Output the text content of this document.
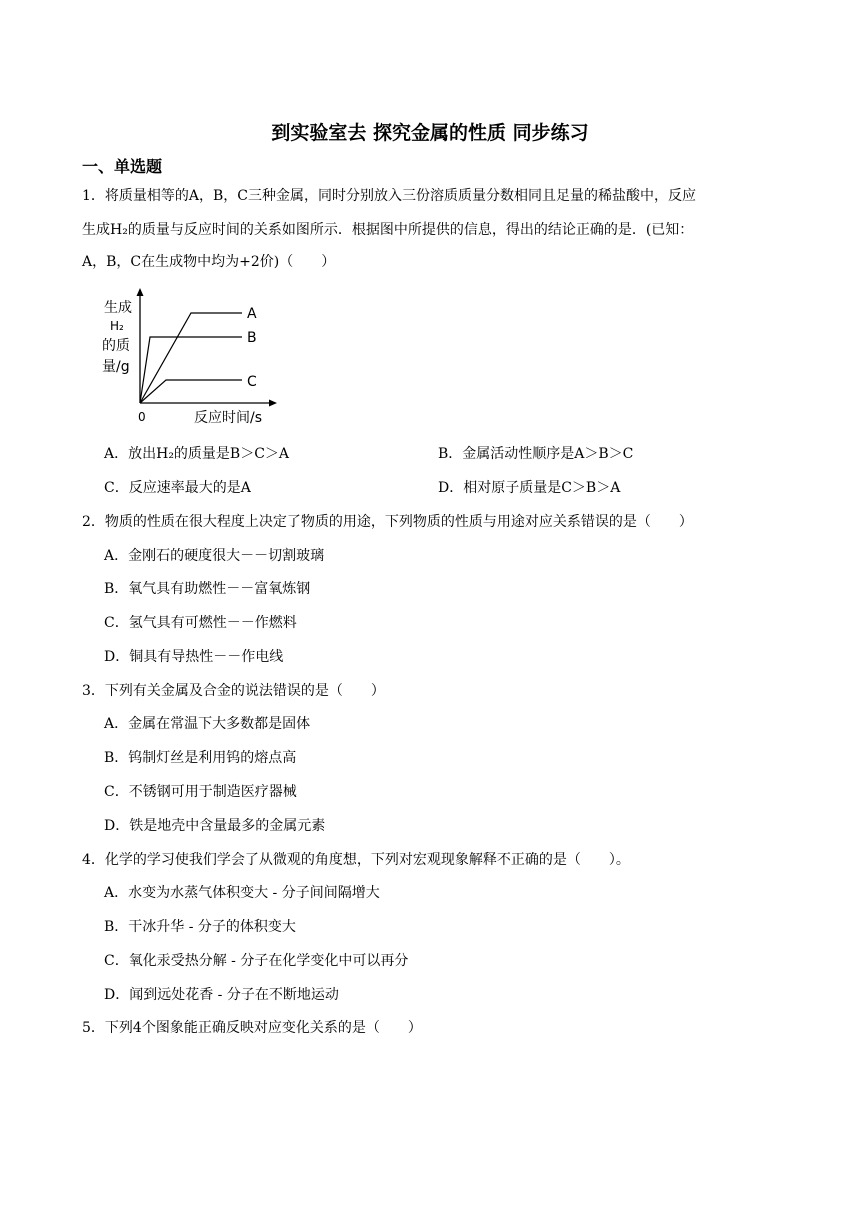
到实验室去 探究金属的性质 同步练习
一、单选题

1．将质量相等的A，B，C三种金属，同时分别放入三份溶质质量分数相同且足量的稀盐酸中，反应

生成H₂的质量与反应时间的关系如图所示．根据图中所提供的信息，得出的结论正确的是．(已知：

A，B，C在生成物中均为+2价)（　　）

生成
H₂
的质
量/g
0	反应时间/s
A
B
C

A．放出H₂的质量是B＞C＞A	B．金属活动性顺序是A＞B＞C

C．反应速率最大的是A	D．相对原子质量是C＞B＞A

2．物质的性质在很大程度上决定了物质的用途，下列物质的性质与用途对应关系错误的是（　　）

A．金刚石的硬度很大－－切割玻璃

B．氧气具有助燃性－－富氧炼钢

C．氢气具有可燃性－－作燃料

D．铜具有导热性－－作电线

3．下列有关金属及合金的说法错误的是（　　）

A．金属在常温下大多数都是固体

B．钨制灯丝是利用钨的熔点高

C．不锈钢可用于制造医疗器械

D．铁是地壳中含量最多的金属元素

4．化学的学习使我们学会了从微观的角度想，下列对宏观现象解释不正确的是（　　）。

A．水变为水蒸气体积变大 - 分子间间隔增大

B．干冰升华 - 分子的体积变大

C．氧化汞受热分解 - 分子在化学变化中可以再分

D．闻到远处花香 - 分子在不断地运动

5．下列4个图象能正确反映对应变化关系的是（　　）
